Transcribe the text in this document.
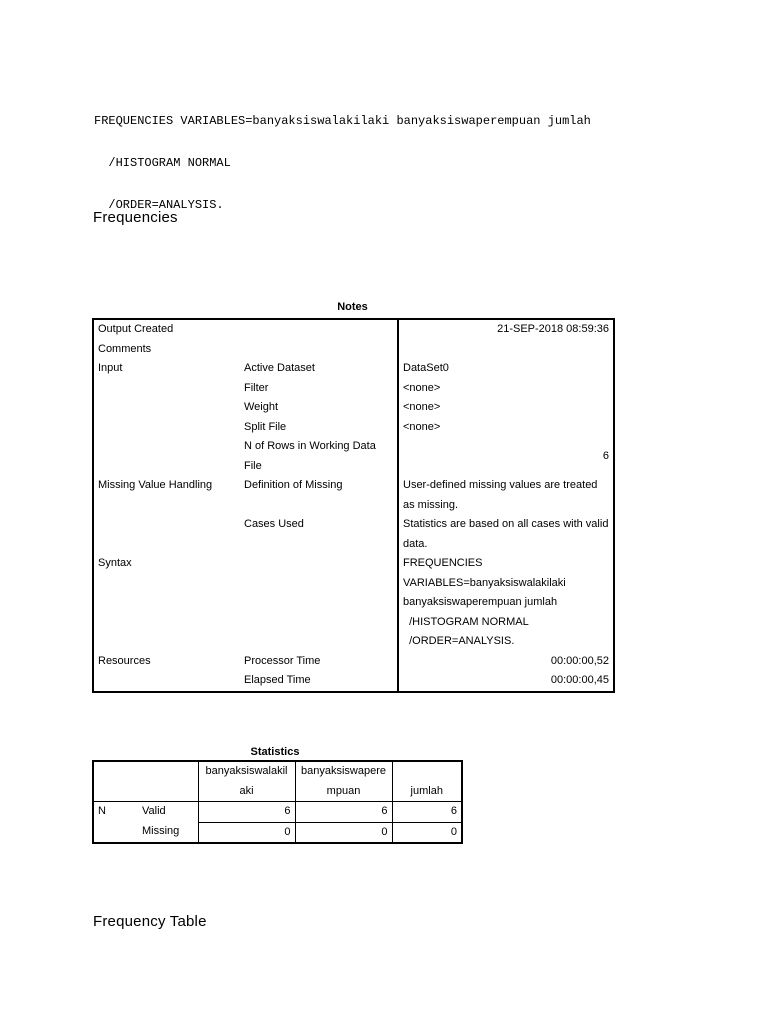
FREQUENCIES VARIABLES=banyaksiswalakilaki banyaksiswaperempuan jumlah

/HISTOGRAM NORMAL

/ORDER=ANALYSIS.

Frequencies
Notes
Output Created		21-SEP-2018 08:59:36
Comments		
Input	Active Dataset	DataSet0
	Filter	<none>
	Weight	<none>
	Split File	<none>
	N of Rows in Working Data File	6
Missing Value Handling	Definition of Missing	User-defined missing values are treated as missing.
	Cases Used	Statistics are based on all cases with valid data.
Syntax		FREQUENCIES VARIABLES=banyaksiswalakilaki banyaksiswaperempuan jumlah
/HISTOGRAM NORMAL
/ORDER=ANALYSIS.
Resources	Processor Time	00:00:00,52
	Elapsed Time	00:00:00,45
Statistics
		banyaksiswalakilaki	banyaksiswaperempuan	jumlah
N	Valid	6	6	6
	Missing	0	0	0
Frequency Table
